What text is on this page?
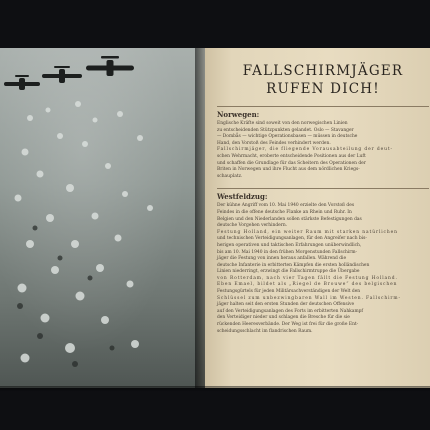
FALLSCHIRMJÄGER
RUFEN DICH!
Norwegen:
Englische Kräfte sind soweit von den norwegischen Linien
zu entscheidenden Stützpunkten gelandet. Oslo — Stavanger
— Dombås — wichtige Operationsbasen — müssen in deutsche
Hand, den Vorstoß des Feindes verhindert werden.
Fallschirmjäger, die fliegende Vorausabteilung der deut-
schen Wehrmacht, eroberte entscheidende Positionen aus der Luft
und schaffen die Grundlage für das Scheitern des Operationen der
Briten in Norwegen und ihre Flucht aus dem nördlichen Kriegs-
schauplatz.
Westfeldzug:
Der kühne Angriff vom 10. Mai 1940 erzielte den Vorstoß des
Feindes in die offene deutsche Flanke an Rhein und Ruhr. In
Belgien und den Niederlanden sollen stärkste Befestigungen das
deutsche Vorgehen verhindern.
Festung Holland, ein weiter Raum mit starken natürlichen
und technischen Verteidigungsanlagen, für den Angreifer nach bis-
herigen operativen und taktischen Erfahrungen unüberwindlich,
bis am 10. Mai 1940 in den frühen Morgenstunden Fallschirm-
jäger die Festung von innen heraus anfallen. Während die
deutsche Infanterie in erbitterten Kämpfen die ersten holländischen
Linien niederringt, erzwingt die Fallschirmtruppe die Übergabe
von Rotterdam, nach vier Tagen fällt die Festung Holland.
Eben Emael, bildet als „Riegel de Brouwe“ des belgischen
Festungsgürtels für jeden Militärsachverständigen der Welt den
Schlüssel zum unbezwingbaren Wall im Westen. Fallschirm-
jäger halten seit den ersten Stunden der deutschen Offensive
auf den Verteidigungsanlagen des Forts im erbitterten Nahkampf
den Verteidiger nieder und schlagen die Bresche für die sie
rückenden Heeresverbände. Der Weg ist frei für die große Ent-
scheidungsschlacht im flandrischen Raum.
